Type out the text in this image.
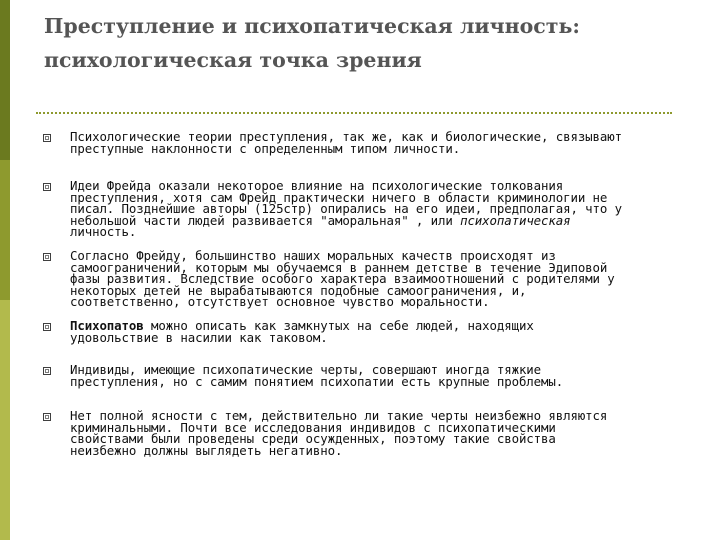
Преступление и психопатическая личность:
психологическая точка зрения
Психологические теории преступления, так же, как и биологические, связывают
преступные наклонности с определенным типом личности.
Идеи Фрейда оказали некоторое влияние на психологические толкования
преступления, хотя сам Фрейд практически ничего в области криминологии не
писал. Позднейшие авторы (125стр) опирались на его идеи, предполагая, что у
небольшой части людей развивается "аморальная" , или психопатическая
личность.
Согласно Фрейду, большинство наших моральных качеств происходят из
самоограничений, которым мы обучаемся в раннем детстве в течение Эдиповой
фазы развития. Вследствие особого характера взаимоотношений с родителями у
некоторых детей не вырабатываются подобные самоограничения, и,
соответственно, отсутствует основное чувство моральности.
Психопатов можно описать как замкнутых на себе людей, находящих
удовольствие в насилии как таковом.
Индивиды, имеющие психопатические черты, совершают иногда тяжкие
преступления, но с самим понятием психопатии есть крупные проблемы.
Нет полной ясности с тем, действительно ли такие черты неизбежно являются
криминальными. Почти все исследования индивидов с психопатическими
свойствами были проведены среди осужденных, поэтому такие свойства
неизбежно должны выглядеть негативно.
